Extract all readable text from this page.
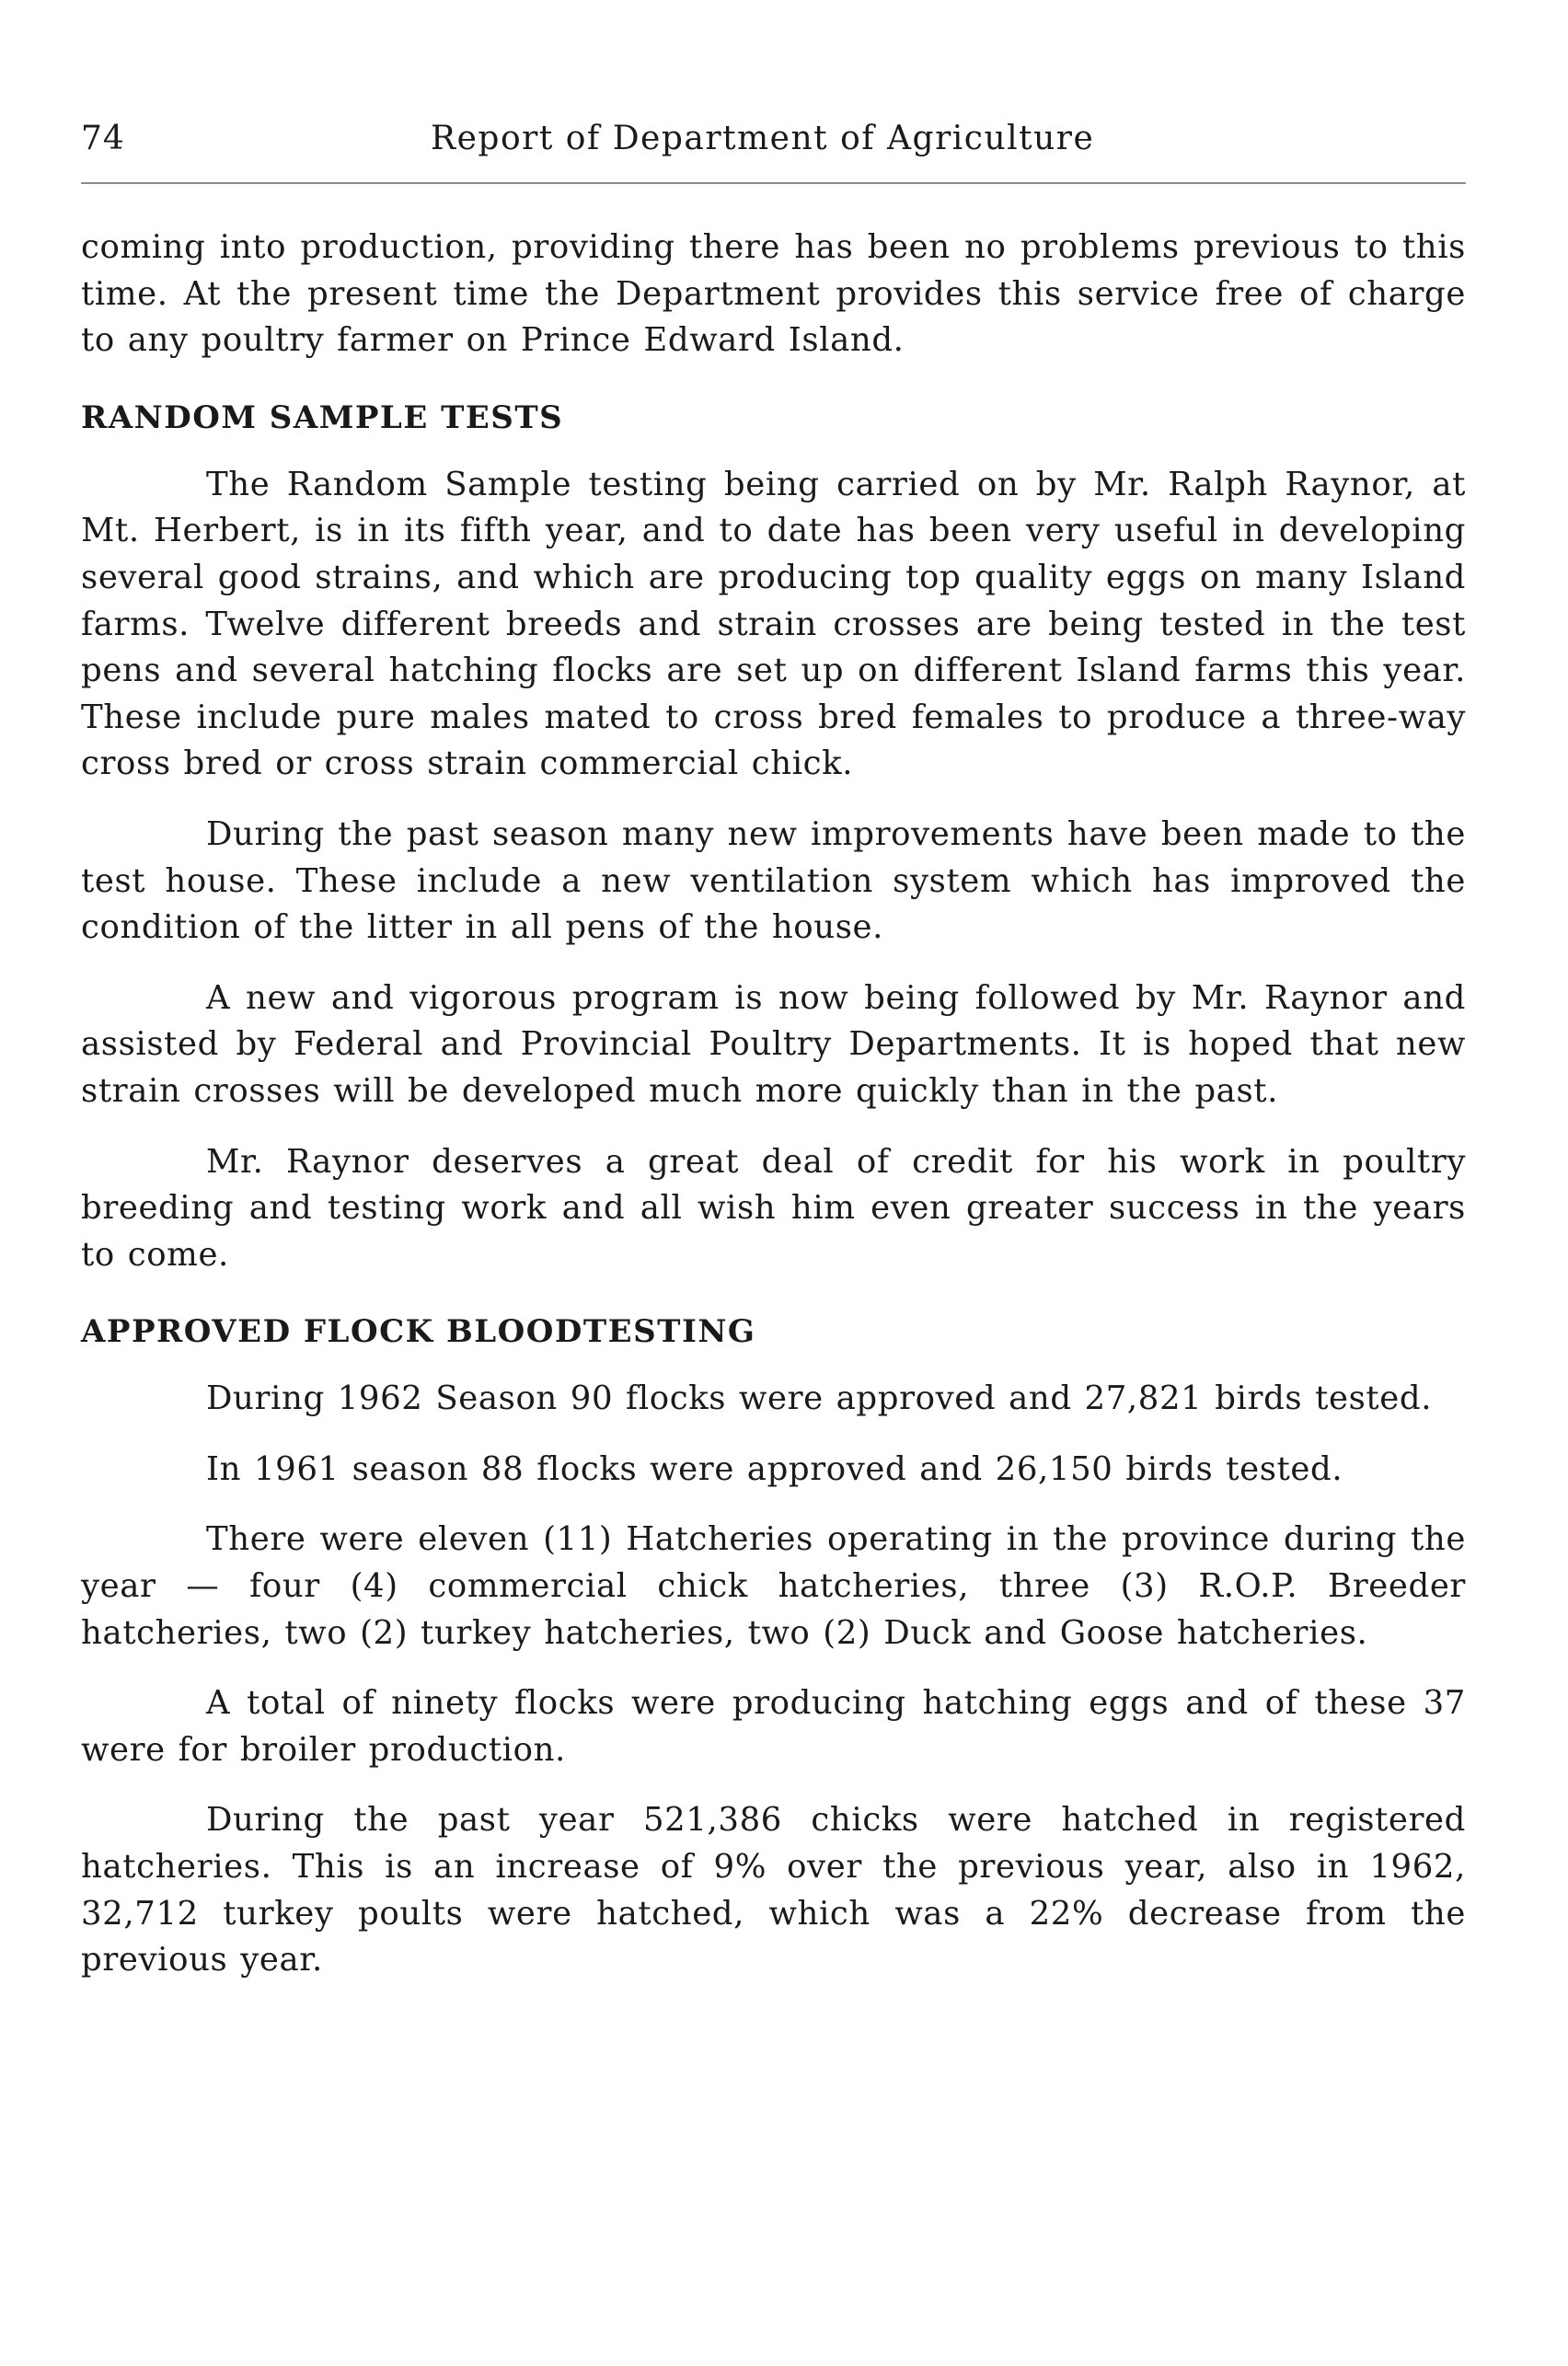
74	Report of Department of Agriculture

coming into production, providing there has been no problems previous to this time. At the present time the Department provides this service free of charge to any poultry farmer on Prince Edward Island.

RANDOM SAMPLE TESTS

The Random Sample testing being carried on by Mr. Ralph Raynor, at Mt. Herbert, is in its fifth year, and to date has been very useful in developing several good strains, and which are producing top quality eggs on many Island farms. Twelve different breeds and strain crosses are being tested in the test pens and several hatching flocks are set up on different Island farms this year. These include pure males mated to cross bred females to produce a three-way cross bred or cross strain commercial chick.

During the past season many new improvements have been made to the test house. These include a new ventilation system which has improved the condition of the litter in all pens of the house.

A new and vigorous program is now being followed by Mr. Raynor and assisted by Federal and Provincial Poultry Departments. It is hoped that new strain crosses will be developed much more quickly than in the past.

Mr. Raynor deserves a great deal of credit for his work in poultry breeding and testing work and all wish him even greater success in the years to come.

APPROVED FLOCK BLOODTESTING

During 1962 Season 90 flocks were approved and 27,821 birds tested.

In 1961 season 88 flocks were approved and 26,150 birds tested.

There were eleven (11) Hatcheries operating in the province during the year — four (4) commercial chick hatcheries, three (3) R.O.P. Breeder hatcheries, two (2) turkey hatcheries, two (2) Duck and Goose hatcheries.

A total of ninety flocks were producing hatching eggs and of these 37 were for broiler production.

During the past year 521,386 chicks were hatched in registered hatcheries. This is an increase of 9% over the previous year, also in 1962, 32,712 turkey poults were hatched, which was a 22% decrease from the previous year.
